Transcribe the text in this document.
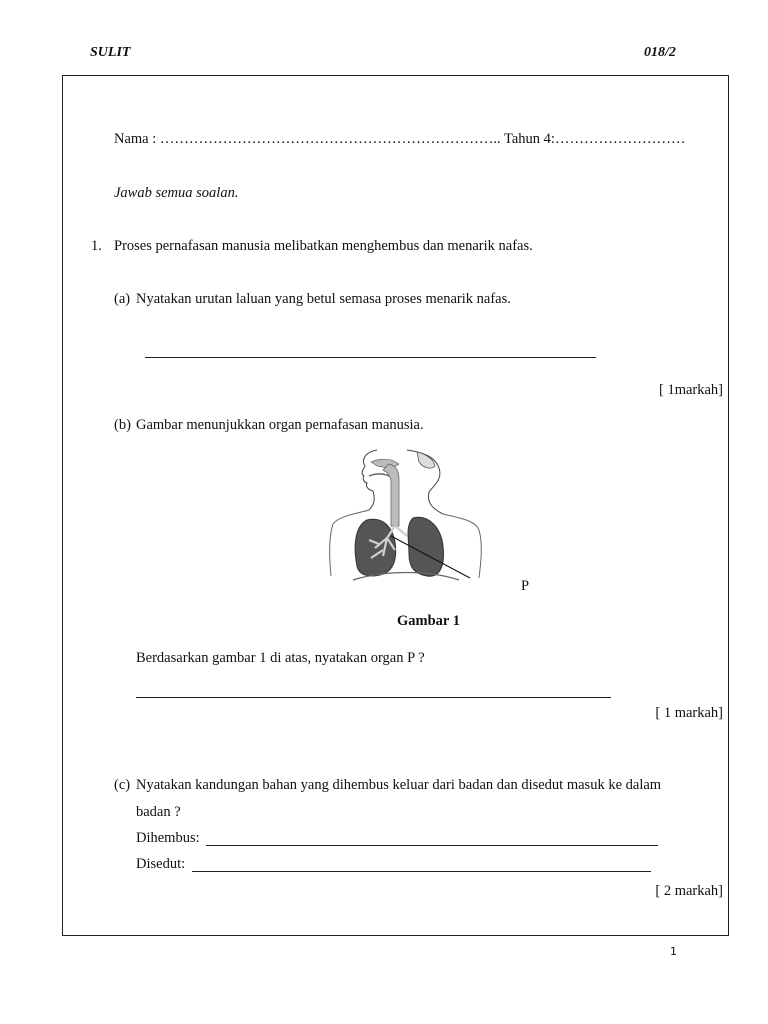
SULIT	018/2
Nama : …………………………………………………………….. Tahun 4:………………………
Jawab semua soalan.
1. Proses pernafasan manusia melibatkan menghembus dan menarik nafas.
(a) Nyatakan urutan laluan yang betul semasa proses menarik nafas.
[ 1markah]
(b) Gambar menunjukkan organ pernafasan manusia.
P
Gambar 1
Berdasarkan gambar 1 di atas, nyatakan organ P ?
[ 1 markah]
(c) Nyatakan kandungan bahan yang dihembus keluar dari badan dan disedut masuk ke dalam
badan ?
Dihembus:
Disedut:
[ 2 markah]
1
